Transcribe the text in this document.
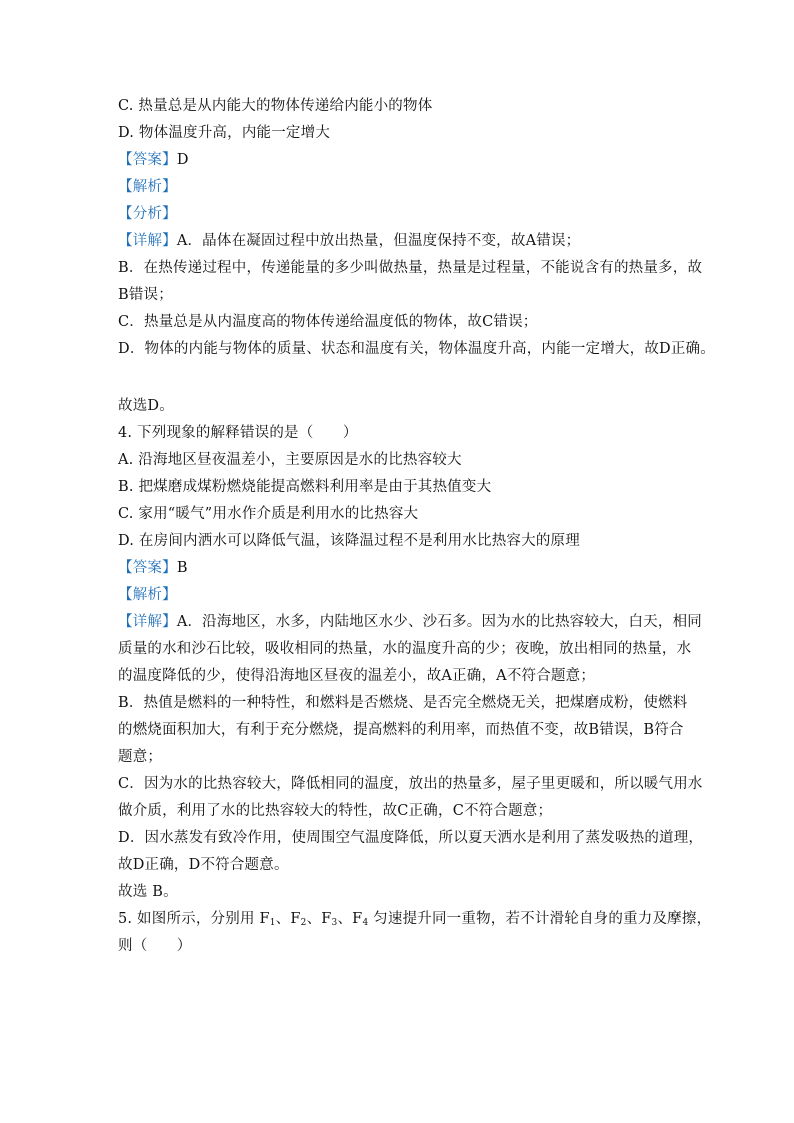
C. 热量总是从内能大的物体传递给内能小的物体
D. 物体温度升高，内能一定增大
【答案】D
【解析】
【分析】
【详解】A．晶体在凝固过程中放出热量，但温度保持不变，故A错误；
B．在热传递过程中，传递能量的多少叫做热量，热量是过程量，不能说含有的热量多，故
B错误；
C．热量总是从内温度高的物体传递给温度低的物体，故C错误；
D．物体的内能与物体的质量、状态和温度有关，物体温度升高，内能一定增大，故D正确。
故选D。
4. 下列现象的解释错误的是（　　）
A. 沿海地区昼夜温差小，主要原因是水的比热容较大
B. 把煤磨成煤粉燃烧能提高燃料利用率是由于其热值变大
C. 家用“暖气”用水作介质是利用水的比热容大
D. 在房间内洒水可以降低气温，该降温过程不是利用水比热容大的原理
【答案】B
【解析】
【详解】A．沿海地区，水多，内陆地区水少、沙石多。因为水的比热容较大，白天，相同
质量的水和沙石比较，吸收相同的热量，水的温度升高的少；夜晚，放出相同的热量，水
的温度降低的少，使得沿海地区昼夜的温差小，故A正确，A不符合题意；
B．热值是燃料的一种特性，和燃料是否燃烧、是否完全燃烧无关，把煤磨成粉，使燃料
的燃烧面积加大，有利于充分燃烧，提高燃料的利用率，而热值不变，故B错误，B符合
题意；
C．因为水的比热容较大，降低相同的温度，放出的热量多，屋子里更暖和，所以暖气用水
做介质，利用了水的比热容较大的特性，故C正确，C不符合题意；
D．因水蒸发有致冷作用，使周围空气温度降低，所以夏天洒水是利用了蒸发吸热的道理，
故D正确，D不符合题意。
故选 B。
5. 如图所示，分别用 $F_1$、$F_2$、$F_3$、$F_4$ 匀速提升同一重物，若不计滑轮自身的重力及摩擦，
则（　　）
